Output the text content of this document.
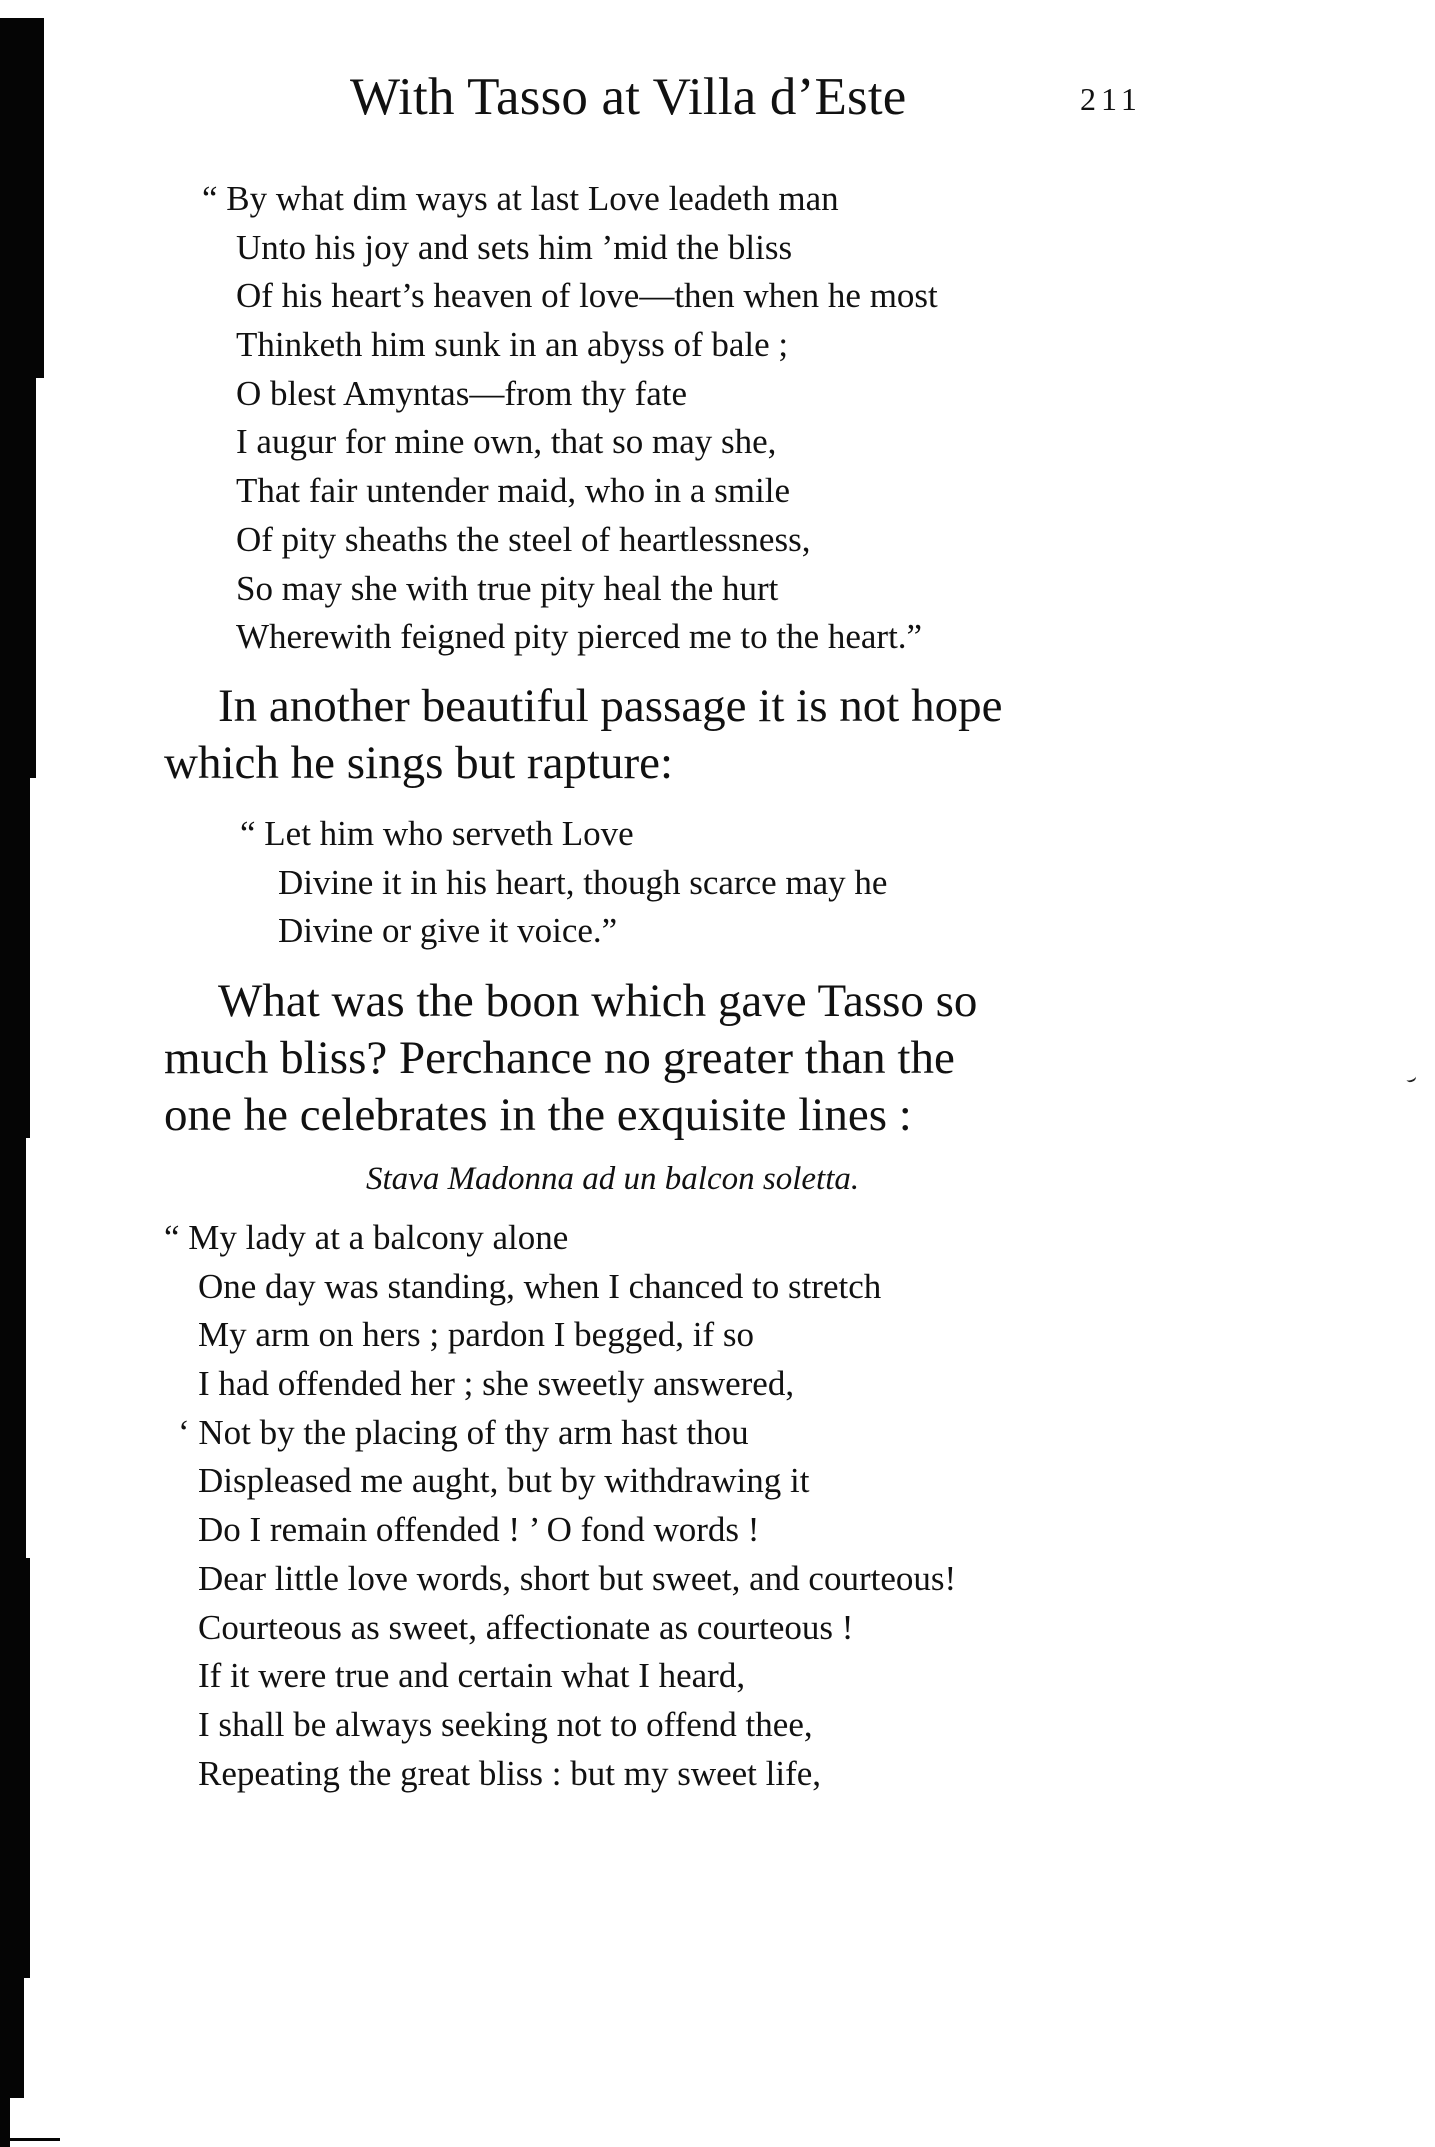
With Tasso at Villa d’Este	211
“ By what dim ways at last Love leadeth man
Unto his joy and sets him ’mid the bliss
Of his heart’s heaven of love—then when he most
Thinketh him sunk in an abyss of bale ;
O blest Amyntas—from thy fate
I augur for mine own, that so may she,
That fair untender maid, who in a smile
Of pity sheaths the steel of heartlessness,
So may she with true pity heal the hurt
Wherewith feigned pity pierced me to the heart.”
In another beautiful passage it is not hope
which he sings but rapture:
“ Let him who serveth Love
Divine it in his heart, though scarce may he
Divine or give it voice.”
What was the boon which gave Tasso so
much bliss? Perchance no greater than the
one he celebrates in the exquisite lines :
Stava Madonna ad un balcon soletta.
“ My lady at a balcony alone
One day was standing, when I chanced to stretch
My arm on hers ; pardon I begged, if so
I had offended her ; she sweetly answered,
‘ Not by the placing of thy arm hast thou
Displeased me aught, but by withdrawing it
Do I remain offended ! ’ O fond words !
Dear little love words, short but sweet, and courteous!
Courteous as sweet, affectionate as courteous !
If it were true and certain what I heard,
I shall be always seeking not to offend thee,
Repeating the great bliss : but my sweet life,
